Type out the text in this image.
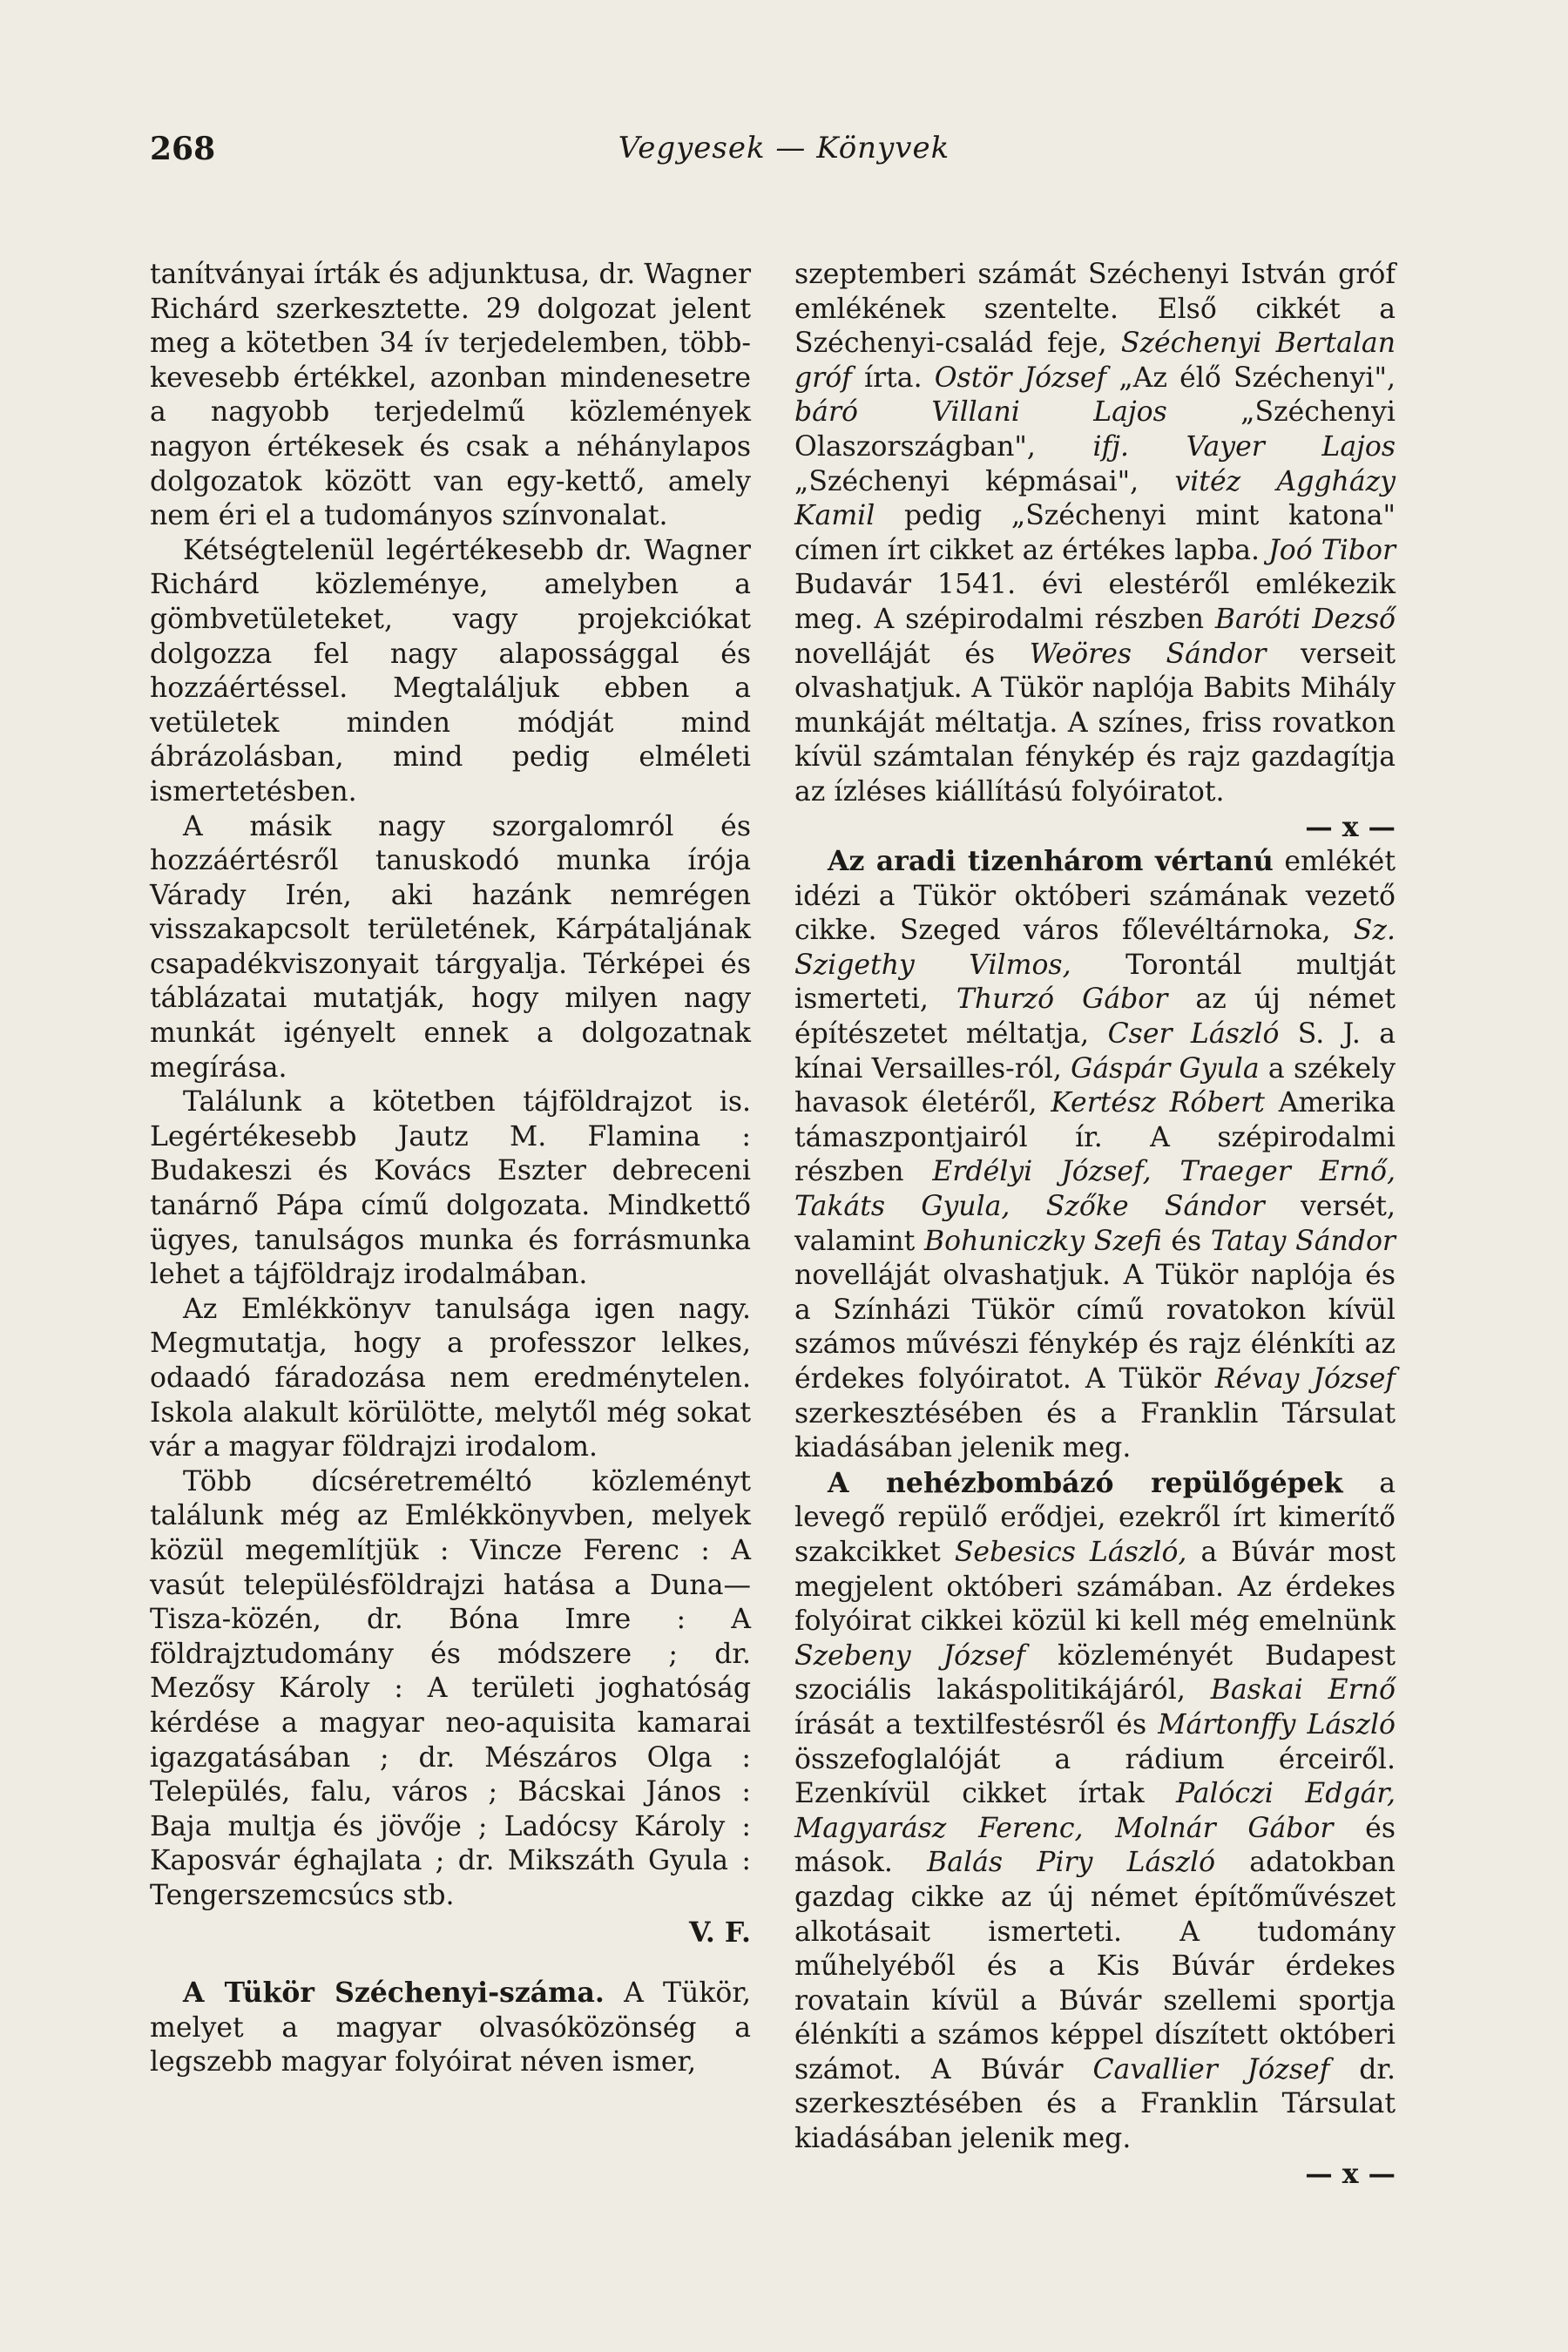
268	Vegyesek — Könyvek

tanítványai írták és adjunktusa, dr. Wagner Richárd szerkesztette. 29 dolgozat jelent meg a kötetben 34 ív terjedelemben, több-kevesebb értékkel, azonban mindenesetre a nagyobb terjedelmű közlemények nagyon értékesek és csak a néhánylapos dolgozatok között van egy-kettő, amely nem éri el a tudományos színvonalat.

Kétségtelenül legértékesebb dr. Wagner Richárd közleménye, amelyben a gömbvetületeket, vagy projekciókat dolgozza fel nagy alapossággal és hozzáértéssel. Megtaláljuk ebben a vetületek minden módját mind ábrázolásban, mind pedig elméleti ismertetésben.

A másik nagy szorgalomról és hozzáértésről tanuskodó munka írója Várady Irén, aki hazánk nemrégen visszakapcsolt területének, Kárpátaljának csapadékviszonyait tárgyalja. Térképei és táblázatai mutatják, hogy milyen nagy munkát igényelt ennek a dolgozatnak megírása.

Találunk a kötetben tájföldrajzot is. Legértékesebb Jautz M. Flamina : Budakeszi és Kovács Eszter debreceni tanárnő Pápa című dolgozata. Mindkettő ügyes, tanulságos munka és forrásmunka lehet a tájföldrajz irodalmában.

Az Emlékkönyv tanulsága igen nagy. Megmutatja, hogy a professzor lelkes, odaadó fáradozása nem eredménytelen. Iskola alakult körülötte, melytől még sokat vár a magyar földrajzi irodalom.

Több dícséretreméltó közleményt találunk még az Emlékkönyvben, melyek közül megemlítjük : Vincze Ferenc : A vasút településföldrajzi hatása a Duna—Tisza-közén, dr. Bóna Imre : A földrajztudomány és módszere ; dr. Mezősy Károly : A területi joghatóság kérdése a magyar neo-aquisita kamarai igazgatásában ; dr. Mészáros Olga : Település, falu, város ; Bácskai János : Baja multja és jövője ; Ladócsy Károly : Kaposvár éghajlata ; dr. Mikszáth Gyula : Tengerszemcsúcs stb.

V. F.

A Tükör Széchenyi-száma. A Tükör, melyet a magyar olvasóközönség a legszebb magyar folyóirat néven ismer,

szeptemberi számát Széchenyi István gróf emlékének szentelte. Első cikkét a Széchenyi-család feje, Széchenyi Bertalan gróf írta. Ostör József „Az élő Széchenyi", báró Villani Lajos „Széchenyi Olaszországban", ifj. Vayer Lajos „Széchenyi képmásai", vitéz Aggházy Kamil pedig „Széchenyi mint katona" címen írt cikket az értékes lapba. Joó Tibor Budavár 1541. évi elestéről emlékezik meg. A szépirodalmi részben Baróti Dezső novelláját és Weöres Sándor verseit olvashatjuk. A Tükör naplója Babits Mihály munkáját méltatja. A színes, friss rovatkon kívül számtalan fénykép és rajz gazdagítja az ízléses kiállítású folyóiratot.

— x —

Az aradi tizenhárom vértanú emlékét idézi a Tükör októberi számának vezető cikke. Szeged város főlevéltárnoka, Sz. Szigethy Vilmos, Torontál multját ismerteti, Thurzó Gábor az új német építészetet méltatja, Cser László S. J. a kínai Versailles-ról, Gáspár Gyula a székely havasok életéről, Kertész Róbert Amerika támaszpontjairól ír. A szépirodalmi részben Erdélyi József, Traeger Ernő, Takáts Gyula, Szőke Sándor versét, valamint Bohuniczky Szefi és Tatay Sándor novelláját olvashatjuk. A Tükör naplója és a Színházi Tükör című rovatokon kívül számos művészi fénykép és rajz élénkíti az érdekes folyóiratot. A Tükör Révay József szerkesztésében és a Franklin Társulat kiadásában jelenik meg.

A nehézbombázó repülőgépek a levegő repülő erődjei, ezekről írt kimerítő szakcikket Sebesics László, a Búvár most megjelent októberi számában. Az érdekes folyóirat cikkei közül ki kell még emelnünk Szebeny József közleményét Budapest szociális lakáspolitikájáról, Baskai Ernő írását a textilfestésről és Mártonffy László összefoglalóját a rádium érceiről. Ezenkívül cikket írtak Palóczi Edgár, Magyarász Ferenc, Molnár Gábor és mások. Balás Piry László adatokban gazdag cikke az új német építőművészet alkotásait ismerteti. A tudomány műhelyéből és a Kis Búvár érdekes rovatain kívül a Búvár szellemi sportja élénkíti a számos képpel díszített októberi számot. A Búvár Cavallier József dr. szerkesztésében és a Franklin Társulat kiadásában jelenik meg.

— x —
